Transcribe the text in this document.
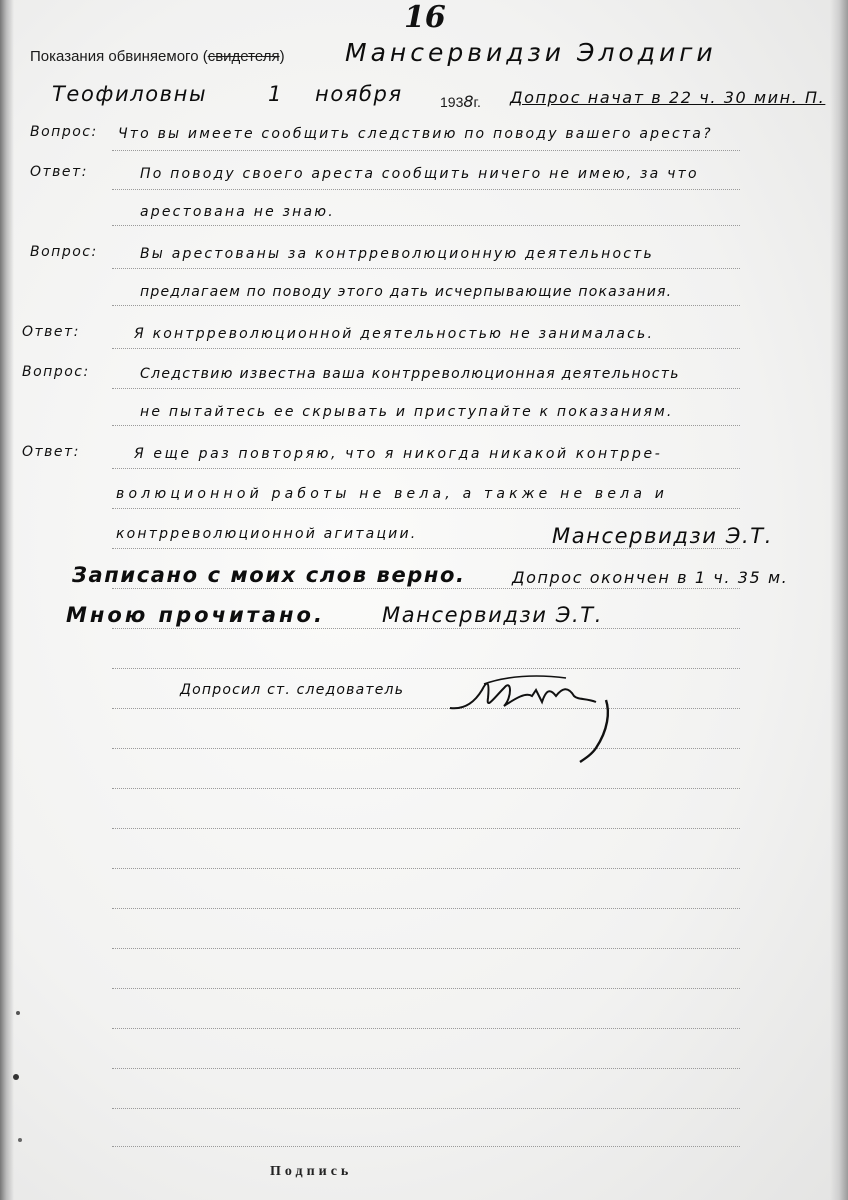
16
Показания обвиняемого (свидетеля) Мансервидзи Элодиги
Теофиловны	1 ноября	1938г. Допрос начат в 22 ч. 30 мин. П.
Вопрос: Что вы имеете сообщить следствию по поводу вашего ареста?
Ответ:	По поводу своего ареста сообщить ничего не имею, за что
арестована не знаю.
Вопрос:	Вы арестованы за контрреволюционную деятельность
предлагаем по поводу этого дать исчерпывающие показания.
Ответ:	Я контрреволюционной деятельностью не занималась.
Вопрос:	Следствию известна ваша контрреволюционная деятельность
не пытайтесь ее скрывать и приступайте к показаниям.
Ответ:	Я еще раз повторяю, что я никогда никакой контрре-
волюционной работы не вела, а также не вела и
контрреволюционной агитации.	Мансервидзи Э.Т.
Записано с моих слов верно.	Допрос окончен в 1 ч. 35 м.
Мною прочитано.	Мансервидзи Э.Т.
Допросил ст. следователь
Подпись
